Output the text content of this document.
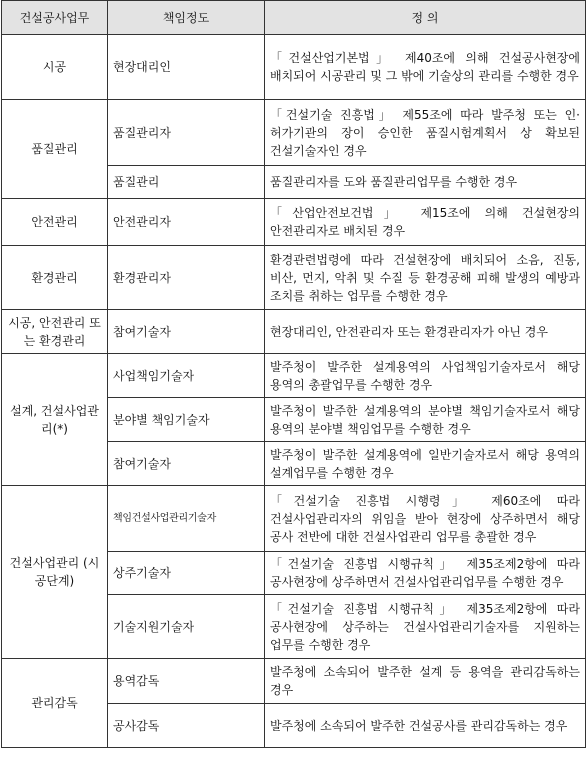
건설공사업무	책임정도	정 의
시공	현장대리인	「건설산업기본법」 제40조에 의해 건설공사현장에 배치되어 시공관리 및 그 밖에 기술상의 관리를 수행한 경우
품질관리	품질관리자	「건설기술 진흥법」 제55조에 따라 발주청 또는 인·허가기관의 장이 승인한 품질시험계획서 상 확보된 건설기술자인 경우
	품질관리	품질관리자를 도와 품질관리업무를 수행한 경우
안전관리	안전관리자	「산업안전보건법」 제15조에 의해 건설현장의 안전관리자로 배치된 경우
환경관리	환경관리자	환경관련법령에 따라 건설현장에 배치되어 소음, 진동, 비산, 먼지, 악취 및 수질 등 환경공해 피해 발생의 예방과 조치를 취하는 업무를 수행한 경우
시공, 안전관리 또는 환경관리	참여기술자	현장대리인, 안전관리자 또는 환경관리자가 아닌 경우
설계, 건설사업관리(*)	사업책임기술자	발주청이 발주한 설계용역의 사업책임기술자로서 해당 용역의 총괄업무를 수행한 경우
	분야별 책임기술자	발주청이 발주한 설계용역의 분야별 책임기술자로서 해당 용역의 분야별 책임업무를 수행한 경우
	참여기술자	발주청이 발주한 설계용역에 일반기술자로서 해당 용역의 설계업무를 수행한 경우
건설사업관리 (시공단계)	책임건설사업관리기술자	「건설기술 진흥법 시행령」 제60조에 따라 건설사업관리자의 위임을 받아 현장에 상주하면서 해당 공사 전반에 대한 건설사업관리 업무를 총괄한 경우
	상주기술자	「건설기술 진흥법 시행규칙」 제35조제2항에 따라 공사현장에 상주하면서 건설사업관리업무를 수행한 경우
	기술지원기술자	「건설기술 진흥법 시행규칙」 제35조제2항에 따라 공사현장에 상주하는 건설사업관리기술자를 지원하는 업무를 수행한 경우
관리감독	용역감독	발주청에 소속되어 발주한 설계 등 용역을 관리감독하는 경우
	공사감독	발주청에 소속되어 발주한 건설공사를 관리감독하는 경우
